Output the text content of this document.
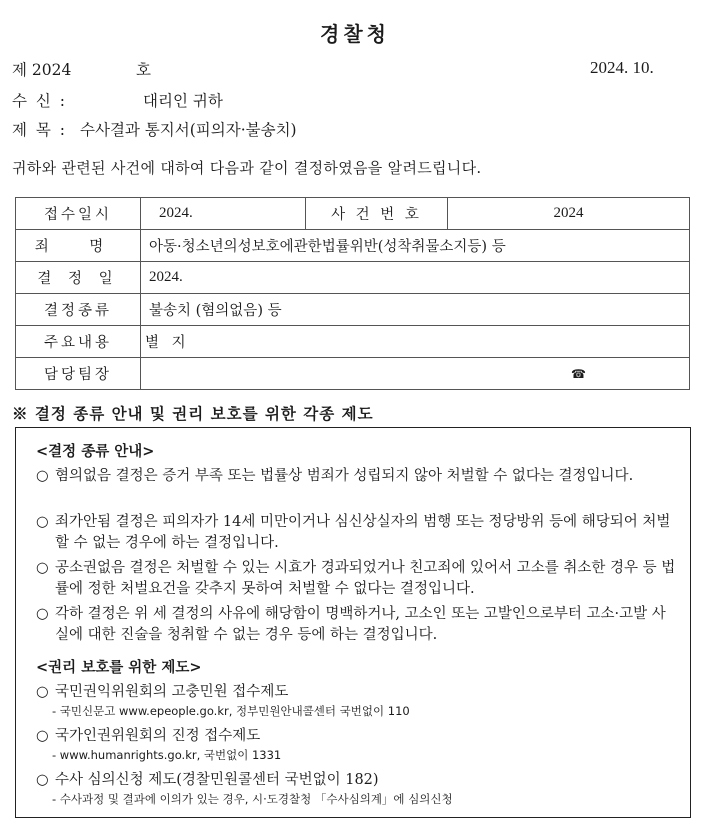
경찰청
제 2024	호	2024. 10.
수 신 :	대리인 귀하
제 목 : 수사결과 통지서(피의자·불송치)
귀하와 관련된 사건에 대하여 다음과 같이 결정하였음을 알려드립니다.
접수일시	2024.	사 건 번 호	2024
죄 명	아동·청소년의성보호에관한법률위반(성착취물소지등) 등		
결 정 일	2024.		
결정종류	불송치 (혐의없음) 등		
주요내용	별 지		
담당팀장	☎		
※ 결정 종류 안내 및 권리 보호를 위한 각종 제도
<결정 종류 안내>
○ 혐의없음 결정은 증거 부족 또는 법률상 범죄가 성립되지 않아 처벌할 수 없다는 결정입니다.
○ 죄가안됨 결정은 피의자가 14세 미만이거나 심신상실자의 범행 또는 정당방위 등에 해당되어 처벌할 수 없는 경우에 하는 결정입니다.
○ 공소권없음 결정은 처벌할 수 있는 시효가 경과되었거나 친고죄에 있어서 고소를 취소한 경우 등 법률에 정한 처벌요건을 갖추지 못하여 처벌할 수 없다는 결정입니다.
○ 각하 결정은 위 세 결정의 사유에 해당함이 명백하거나, 고소인 또는 고발인으로부터 고소·고발 사실에 대한 진술을 청취할 수 없는 경우 등에 하는 결정입니다.
<권리 보호를 위한 제도>
○ 국민권익위원회의 고충민원 접수제도
- 국민신문고 www.epeople.go.kr, 정부민원안내콜센터 국번없이 110
○ 국가인권위원회의 진정 접수제도
- www.humanrights.go.kr, 국번없이 1331
○ 수사 심의신청 제도(경찰민원콜센터 국번없이 182)
- 수사과정 및 결과에 이의가 있는 경우, 시·도경찰청 「수사심의계」에 심의신청
